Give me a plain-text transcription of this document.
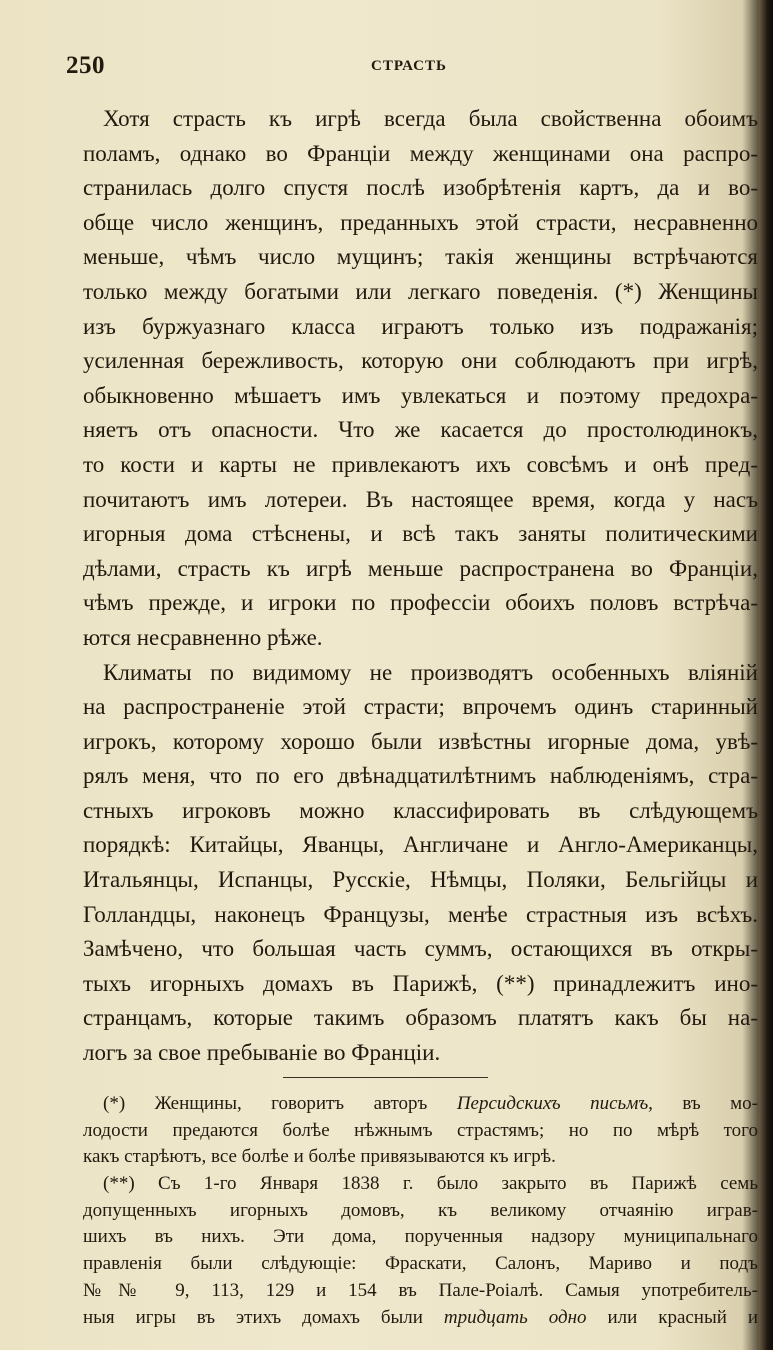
250	СТРАСТЬ
Хотя страсть къ игрѣ всегда была свойственна обоимъ
поламъ, однако во Франціи между женщинами она распро-
странилась долго спустя послѣ изобрѣтенія картъ, да и во-
обще число женщинъ, преданныхъ этой страсти, несравненно
меньше, чѣмъ число мущинъ; такія женщины встрѣчаются
только между богатыми или легкаго поведенія. (*) Женщины
изъ буржуазнаго класса играютъ только изъ подражанія;
усиленная бережливость, которую они соблюдаютъ при игрѣ,
обыкновенно мѣшаетъ имъ увлекаться и поэтому предохра-
няетъ отъ опасности. Что же касается до простолюдинокъ,
то кости и карты не привлекаютъ ихъ совсѣмъ и онѣ пред-
почитаютъ имъ лотереи. Въ настоящее время, когда у насъ
игорныя дома стѣснены, и всѣ такъ заняты политическими
дѣлами, страсть къ игрѣ меньше распространена во Франціи,
чѣмъ прежде, и игроки по профессіи обоихъ половъ встрѣча-
ются несравненно рѣже.
Климаты по видимому не производятъ особенныхъ вліяній
на распространеніе этой страсти; впрочемъ одинъ старинный
игрокъ, которому хорошо были извѣстны игорные дома, увѣ-
рялъ меня, что по его двѣнадцатилѣтнимъ наблюденіямъ, стра-
стныхъ игроковъ можно классифировать въ слѣдующемъ
порядкѣ: Китайцы, Яванцы, Англичане и Англо-Американцы,
Итальянцы, Испанцы, Русскіе, Нѣмцы, Поляки, Бельгійцы и
Голландцы, наконецъ Французы, менѣе страстныя изъ всѣхъ.
Замѣчено, что большая часть суммъ, остающихся въ откры-
тыхъ игорныхъ домахъ въ Парижѣ, (**) принадлежитъ ино-
странцамъ, которые такимъ образомъ платятъ какъ бы на-
логъ за свое пребываніе во Франціи.
(*) Женщины, говоритъ авторъ Персидскихъ письмъ, въ мо-
лодости предаются болѣе нѣжнымъ страстямъ; но по мѣрѣ того
какъ старѣютъ, все болѣе и болѣе привязываются къ игрѣ.
(**) Съ 1-го Января 1838 г. было закрыто въ Парижѣ семь
допущенныхъ игорныхъ домовъ, къ великому отчаянію играв-
шихъ въ нихъ. Эти дома, порученныя надзору муниципальнаго
правленія были слѣдующіе: Фраскати, Салонъ, Мариво и подъ
№№ 9, 113, 129 и 154 въ Пале-Роіалѣ. Самыя употребитель-
ныя игры въ этихъ домахъ были тридцать одно или красный и
